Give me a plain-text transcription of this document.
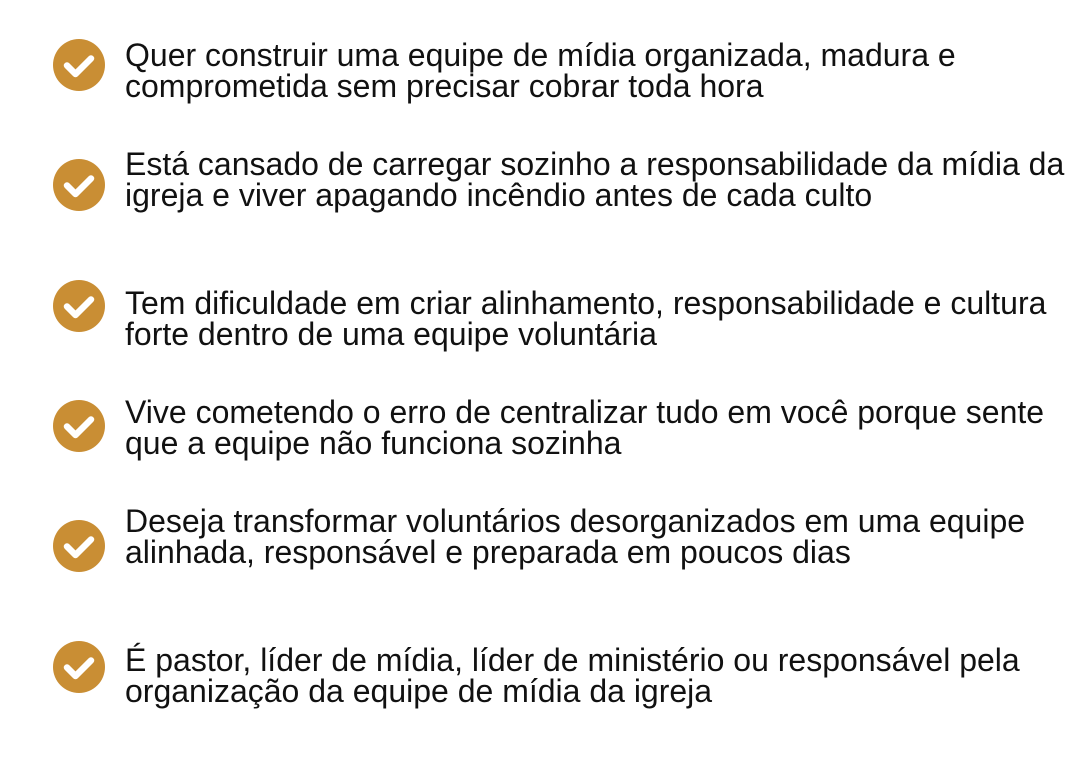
Quer construir uma equipe de mídia organizada, madura e comprometida sem precisar cobrar toda hora

Está cansado de carregar sozinho a responsabilidade da mídia da igreja e viver apagando incêndio antes de cada culto

Tem dificuldade em criar alinhamento, responsabilidade e cultura forte dentro de uma equipe voluntária

Vive cometendo o erro de centralizar tudo em você porque sente que a equipe não funciona sozinha

Deseja transformar voluntários desorganizados em uma equipe alinhada, responsável e preparada em poucos dias

É pastor, líder de mídia, líder de ministério ou responsável pela organização da equipe de mídia da igreja
